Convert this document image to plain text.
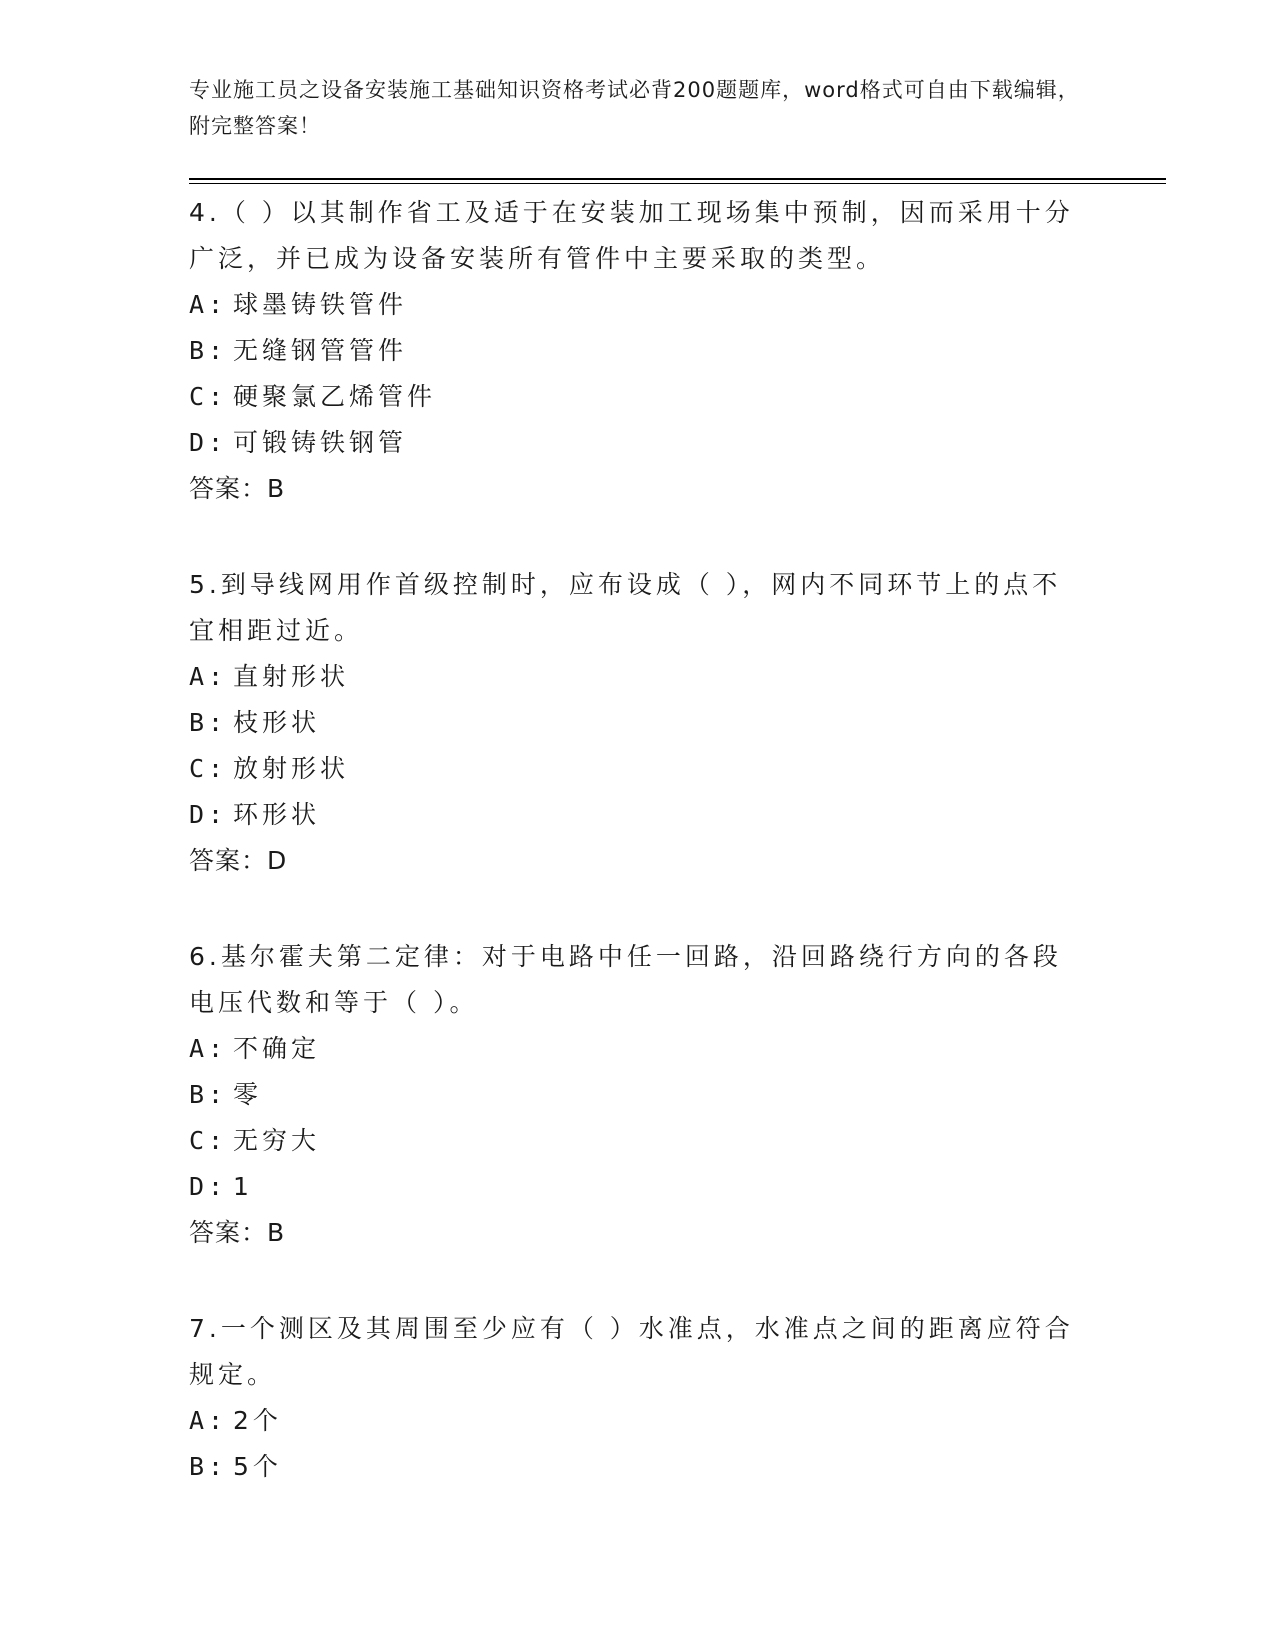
专业施工员之设备安装施工基础知识资格考试必背200题题库，word格式可自由下载编辑，附完整答案！

4.（ ）以其制作省工及适于在安装加工现场集中预制，因而采用十分广泛，并已成为设备安装所有管件中主要采取的类型。

A: 球墨铸铁管件
B: 无缝钢管管件
C: 硬聚氯乙烯管件
D: 可锻铸铁钢管

答案：B

5.到导线网用作首级控制时，应布设成（ ），网内不同环节上的点不宜相距过近。

A: 直射形状
B: 枝形状
C: 放射形状
D: 环形状

答案：D

6.基尔霍夫第二定律：对于电路中任一回路，沿回路绕行方向的各段电压代数和等于（ ）。

A: 不确定
B: 零
C: 无穷大
D: 1

答案：B

7.一个测区及其周围至少应有（ ）水准点，水准点之间的距离应符合规定。

A: 2个
B: 5个
